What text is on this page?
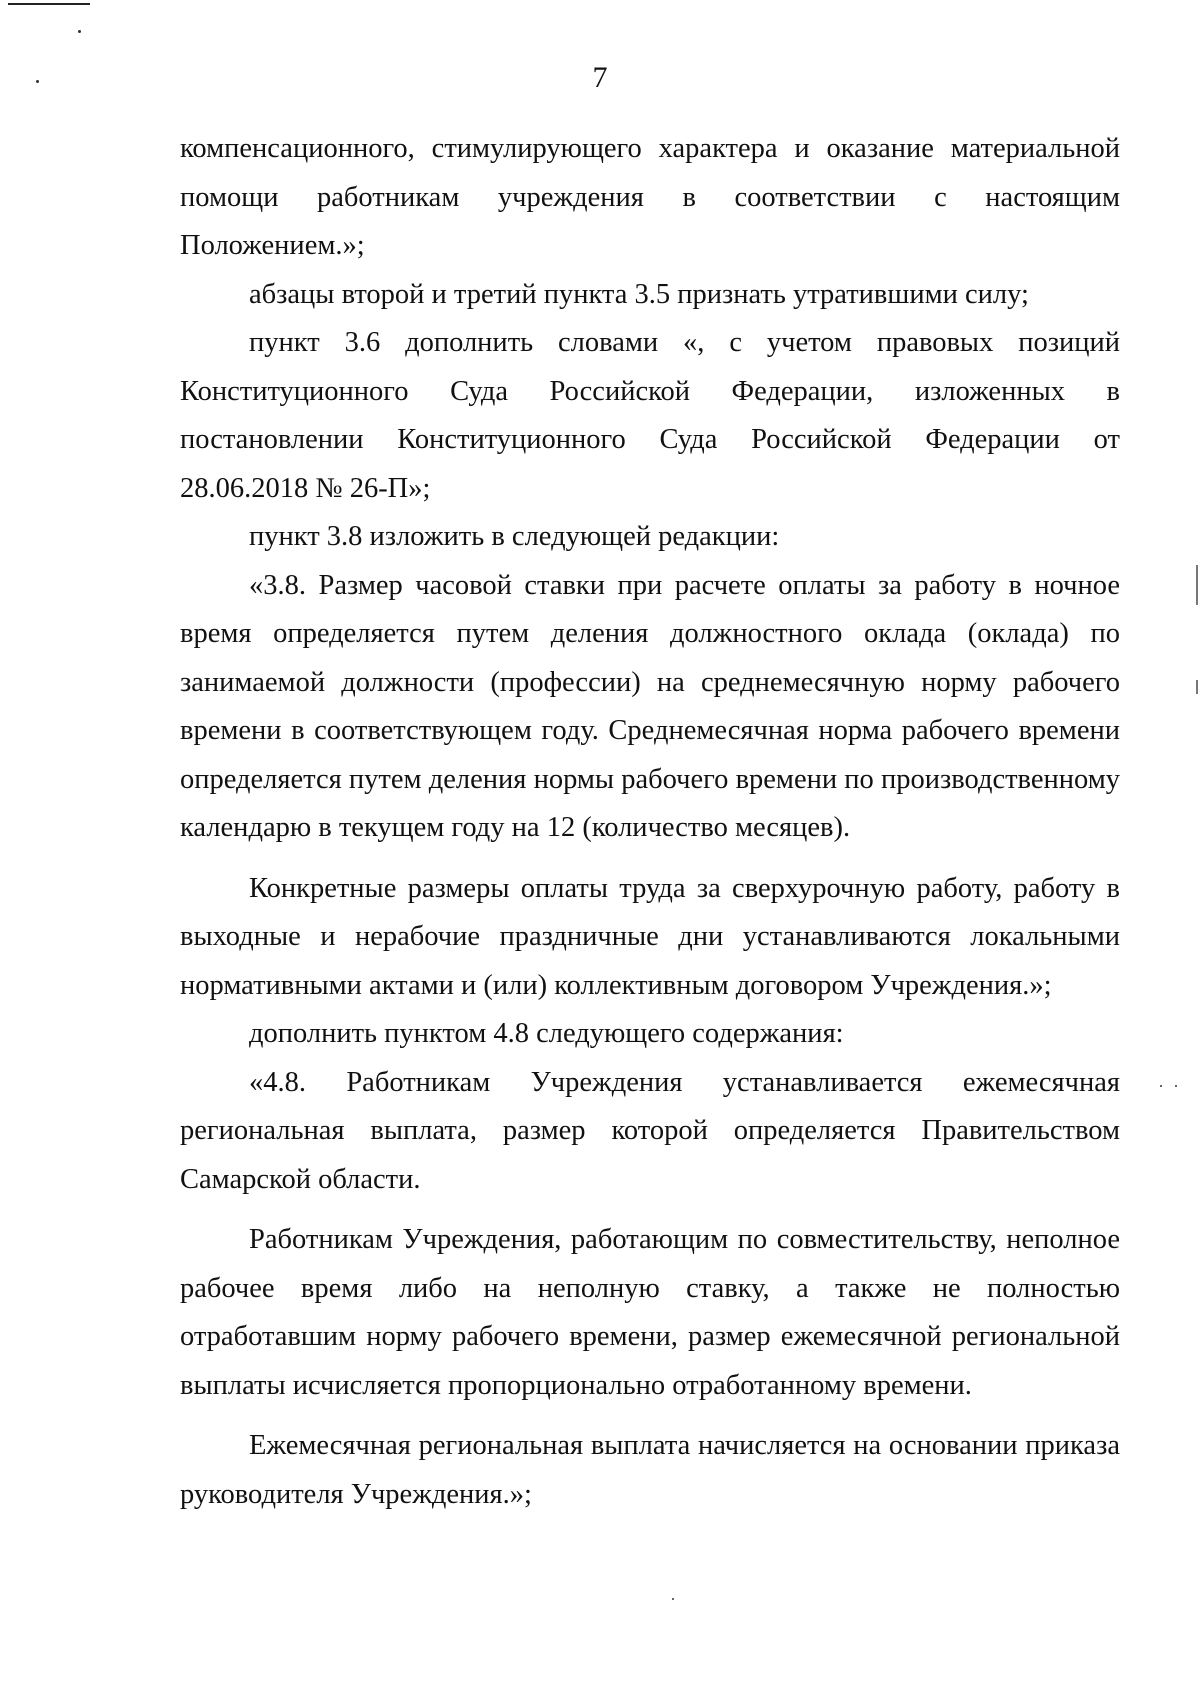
7

компенсационного, стимулирующего характера и оказание материальной помощи работникам учреждения в соответствии с настоящим Положением.»;

абзацы второй и третий пункта 3.5 признать утратившими силу;

пункт 3.6 дополнить словами «, с учетом правовых позиций Конституционного Суда Российской Федерации, изложенных в постановлении Конституционного Суда Российской Федерации от 28.06.2018 № 26-П»;

пункт 3.8 изложить в следующей редакции:

«3.8. Размер часовой ставки при расчете оплаты за работу в ночное время определяется путем деления должностного оклада (оклада) по занимаемой должности (профессии) на среднемесячную норму рабочего времени в соответствующем году. Среднемесячная норма рабочего времени определяется путем деления нормы рабочего времени по производственному календарю в текущем году на 12 (количество месяцев).

Конкретные размеры оплаты труда за сверхурочную работу, работу в выходные и нерабочие праздничные дни устанавливаются локальными нормативными актами и (или) коллективным договором Учреждения.»;

дополнить пунктом 4.8 следующего содержания:

«4.8. Работникам Учреждения устанавливается ежемесячная региональная выплата, размер которой определяется Правительством Самарской области.

Работникам Учреждения, работающим по совместительству, неполное рабочее время либо на неполную ставку, а также не полностью отработавшим норму рабочего времени, размер ежемесячной региональной выплаты исчисляется пропорционально отработанному времени.

Ежемесячная региональная выплата начисляется на основании приказа руководителя Учреждения.»;
